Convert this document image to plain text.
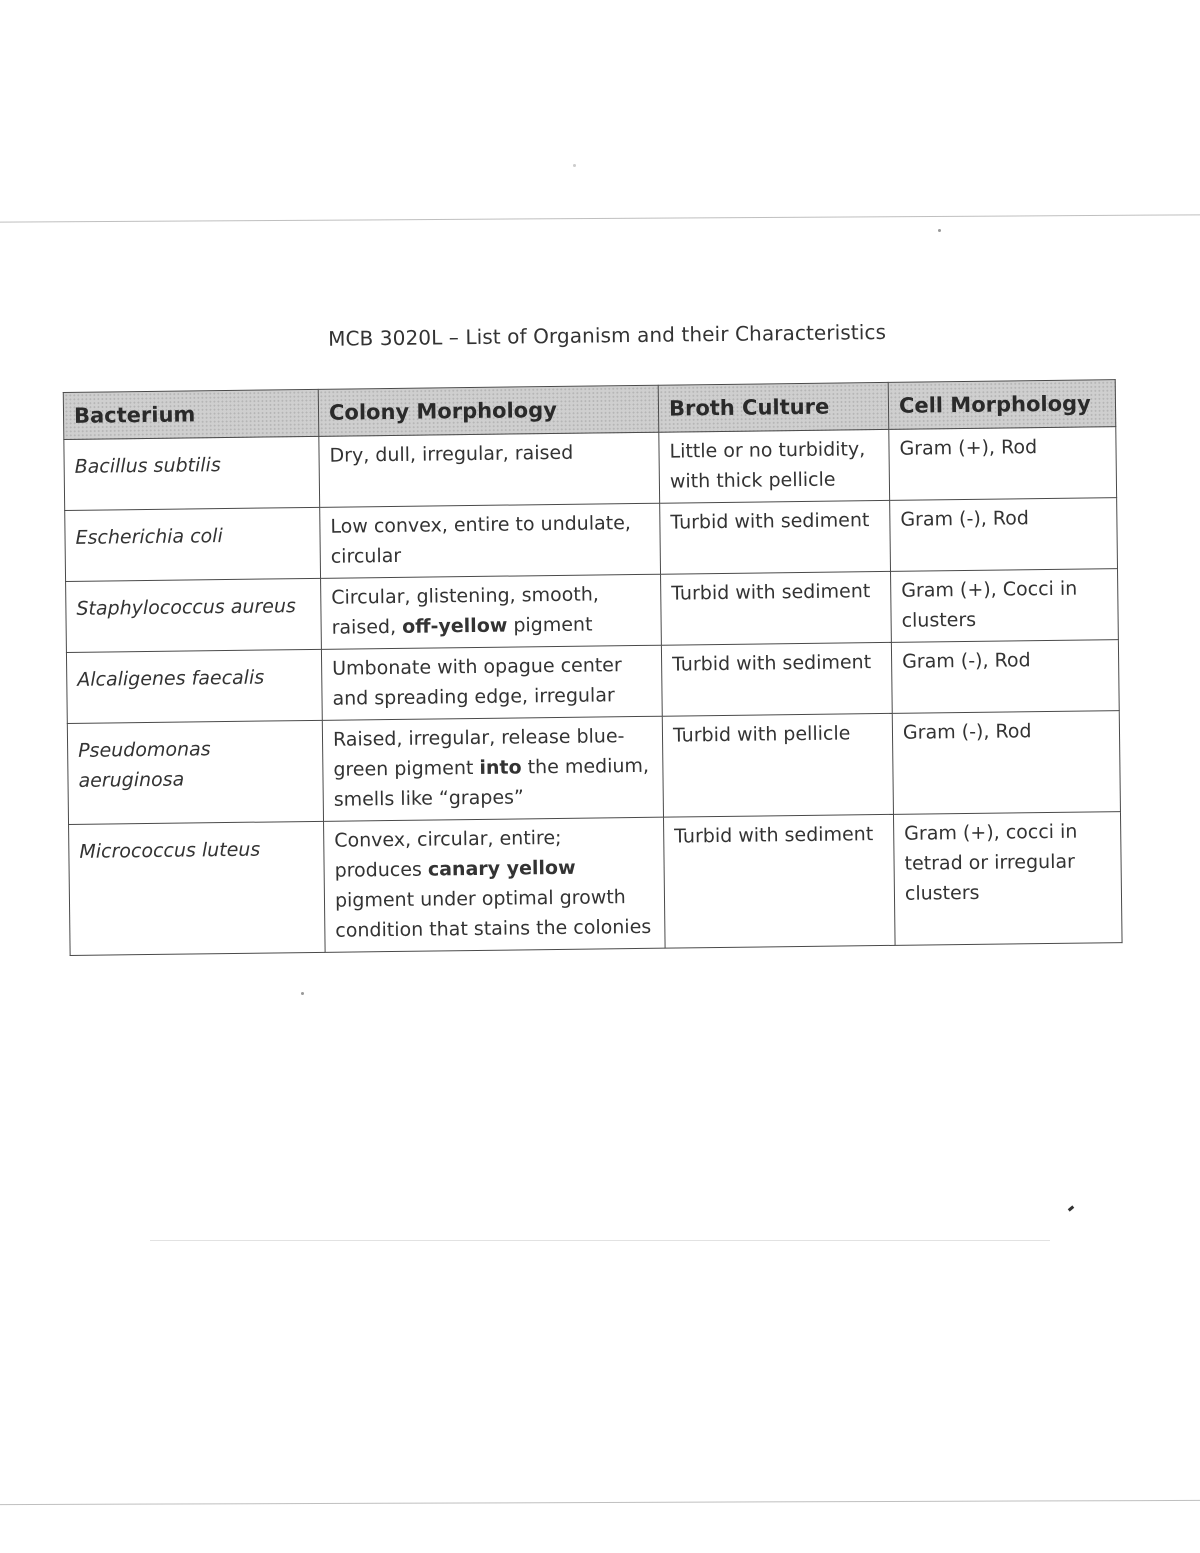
MCB 3020L – List of Organism and their Characteristics
Bacterium	Colony Morphology	Broth Culture	Cell Morphology
Bacillus subtilis	Dry, dull, irregular, raised	Little or no turbidity, with thick pellicle	Gram (+), Rod
Escherichia coli	Low convex, entire to undulate, circular	Turbid with sediment	Gram (-), Rod
Staphylococcus aureus	Circular, glistening, smooth, raised, off-yellow pigment	Turbid with sediment	Gram (+), Cocci in clusters
Alcaligenes faecalis	Umbonate with opague center and spreading edge, irregular	Turbid with sediment	Gram (-), Rod
Pseudomonas aeruginosa	Raised, irregular, release blue-green pigment into the medium, smells like “grapes”	Turbid with pellicle	Gram (-), Rod
Micrococcus luteus	Convex, circular, entire; produces canary yellow pigment under optimal growth condition that stains the colonies	Turbid with sediment	Gram (+), cocci in tetrad or irregular clusters
